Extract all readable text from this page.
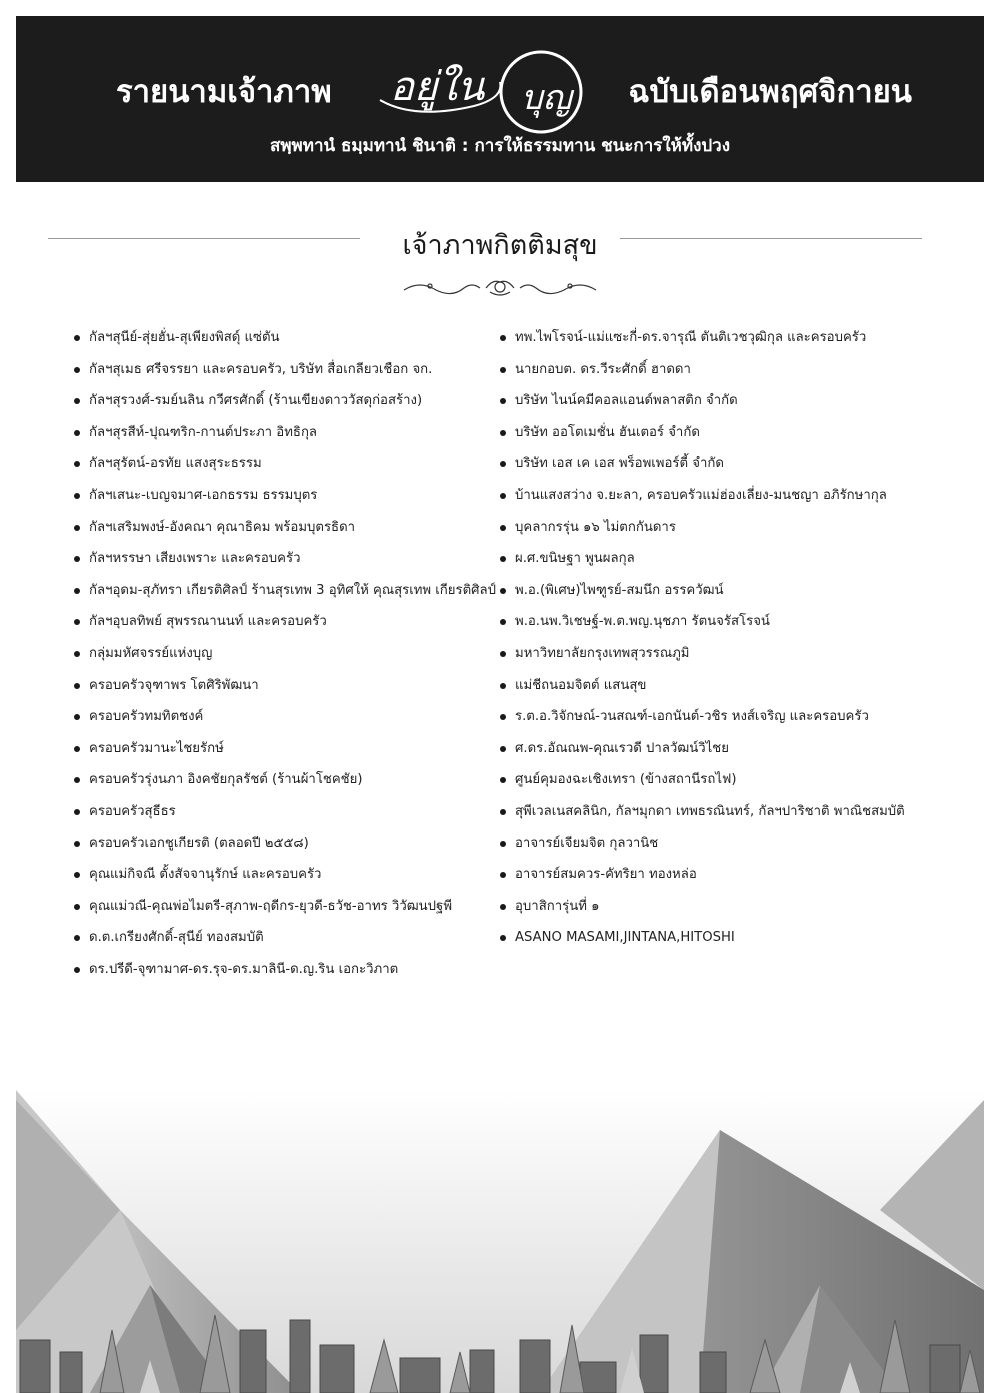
รายนามเจ้าภาพ อยู่ใน บุญ ฉบับเดือนพฤศจิกายน
สพฺพทานํ ธมฺมทานํ ชินาติ : การให้ธรรมทาน ชนะการให้ทั้งปวง
เจ้าภาพกิตติมสุข
กัลฯสุนีย์-สุ่ยฮั่น-สุเพียงพิสดุ์ แซ่ตัน
กัลฯสุเมธ ศรีจรรยา และครอบครัว, บริษัท สื่อเกลียวเชือก จก.
กัลฯสุรวงศ์-รมย์นลิน กวีศรศักดิ์ (ร้านเขียงดาววัสดุก่อสร้าง)
กัลฯสุรสีห์-ปุณฑริก-กานต์ประภา อิทธิกุล
กัลฯสุรัตน์-อรทัย แสงสุระธรรม
กัลฯเสนะ-เบญจมาศ-เอกธรรม ธรรมบุตร
กัลฯเสริมพงษ์-อังคณา คุณาธิคม พร้อมบุตรธิดา
กัลฯหรรษา เสียงเพราะ และครอบครัว
กัลฯอุดม-สุภัทรา เกียรติศิลป์ ร้านสุรเทพ 3 อุทิศให้ คุณสุรเทพ เกียรติศิลป์
กัลฯอุบลทิพย์ สุพรรณานนท์ และครอบครัว
กลุ่มมหัศจรรย์แห่งบุญ
ครอบครัวจุฑาพร โตศิริพัฒนา
ครอบครัวทมทิตชงค์
ครอบครัวมานะไชยรักษ์
ครอบครัวรุ่งนภา อิงคชัยกุลรัชต์ (ร้านผ้าโชคชัย)
ครอบครัวสุธีธร
ครอบครัวเอกชูเกียรติ (ตลอดปี ๒๕๕๘)
คุณแม่กิจณี ตั้งสัจจานุรักษ์ และครอบครัว
คุณแม่วณี-คุณพ่อไมตรี-สุภาพ-ฤดีกร-ยุวดี-ธวัช-อาทร วิวัฒนปฐพี
ด.ต.เกรียงศักดิ์-สุนีย์ ทองสมบัติ
ดร.ปรีดี-จุฑามาศ-ดร.รุจ-ดร.มาลินี-ด.ญ.ริน เอกะวิภาต
ทพ.ไพโรจน์-แม่แซะกี่-ดร.จารุณี ตันติเวชวุฒิกุล และครอบครัว
นายกอบต. ดร.วีระศักดิ์ ฮาดดา
บริษัท ไนน์คมีคอลแอนด์พลาสติก จำกัด
บริษัท ออโตเมชั่น ฮันเตอร์ จำกัด
บริษัท เอส เค เอส พร็อพเพอร์ตี้ จำกัด
บ้านแสงสว่าง จ.ยะลา, ครอบครัวแม่ฮ่องเลี่ยง-มนชญา อภิรักษากุล
บุคลากรรุ่น ๑๖ ไม่ตกกันดาร
ผ.ศ.ขนิษฐา พูนผลกุล
พ.อ.(พิเศษ)ไพฑูรย์-สมนึก อรรควัฒน์
พ.อ.นพ.วิเชษฐ์-พ.ต.พญ.นุชภา รัตนจรัสโรจน์
มหาวิทยาลัยกรุงเทพสุวรรณภูมิ
แม่ชีถนอมจิตต์ แสนสุข
ร.ต.อ.วิจักษณ์-วนสณฑ์-เอกนันต์-วชิร หงส์เจริญ และครอบครัว
ศ.ดร.อัณณพ-คุณเรวดี ปาลวัฒน์วิไชย
ศูนย์คุมองฉะเชิงเทรา (ข้างสถานีรถไฟ)
สุพีเวลเนสคลินิก, กัลฯมุกดา เทพธรณินทร์, กัลฯปาริชาติ พาณิชสมบัติ
อาจารย์เจียมจิต กุลวานิช
อาจารย์สมควร-คัทริยา ทองหล่อ
อุบาสิการุ่นที่ ๑
ASANO MASAMI,JINTANA,HITOSHI
